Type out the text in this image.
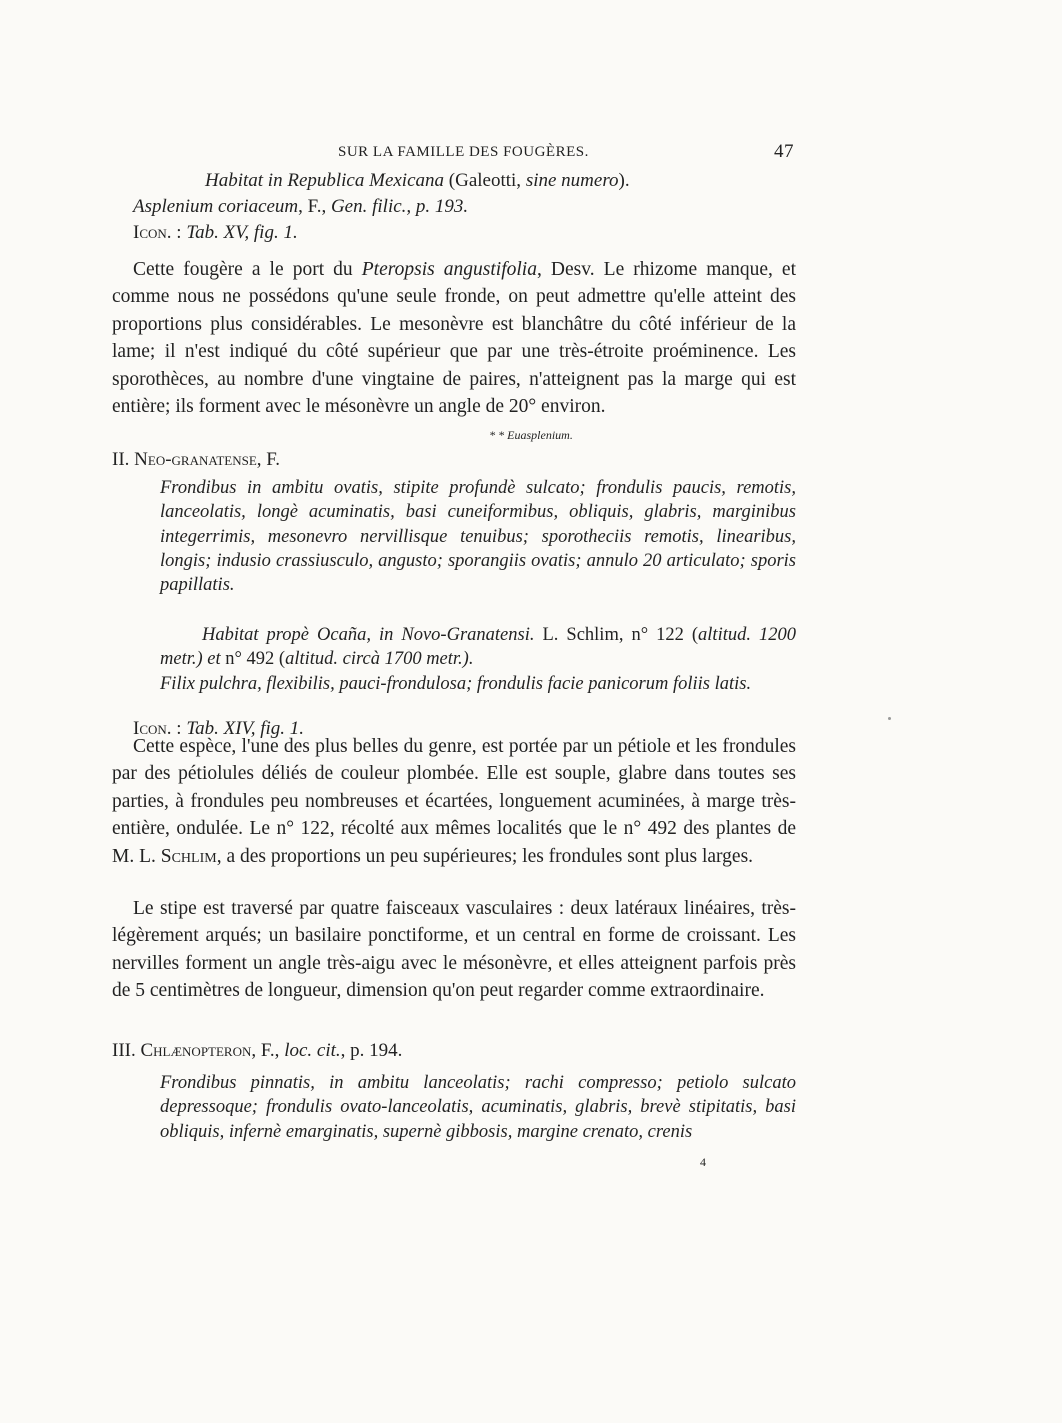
SUR LA FAMILLE DES FOUGÈRES.	47
Habitat in Republica Mexicana (Galeotti, sine numero).
Asplenium coriaceum, F., Gen. filic., p. 193.
Icon. : Tab. XV, fig. 1.
Cette fougère a le port du Pteropsis angustifolia, Desv. Le rhizome manque, et comme nous ne possédons qu'une seule fronde, on peut admettre qu'elle atteint des proportions plus considérables. Le mesonèvre est blanchâtre du côté inférieur de la lame; il n'est indiqué du côté supérieur que par une très-étroite proéminence. Les sporothèces, au nombre d'une vingtaine de paires, n'atteignent pas la marge qui est entière; ils forment avec le mésonèvre un angle de 20° environ.
* * Euasplenium.
II. Neo-granatense, F.
Frondibus in ambitu ovatis, stipite profundè sulcato; frondulis paucis, remotis, lanceolatis, longè acuminatis, basi cuneiformibus, obliquis, glabris, marginibus integerrimis, mesonevro nervillisque tenuibus; sporotheciis remotis, linearibus, longis; indusio crassiusculo, angusto; sporangiis ovatis; annulo 20 articulato; sporis papillatis.
Habitat propè Ocaña, in Novo-Granatensi. L. Schlim, n° 122 (altitud. 1200 metr.) et n° 492 (altitud. circà 1700 metr.).
Filix pulchra, flexibilis, pauci-frondulosa; frondulis facie panicorum foliis latis.
Icon. : Tab. XIV, fig. 1.
Cette espèce, l'une des plus belles du genre, est portée par un pétiole et les frondules par des pétiolules déliés de couleur plombée. Elle est souple, glabre dans toutes ses parties, à frondules peu nombreuses et écartées, longuement acuminées, à marge très-entière, ondulée. Le n° 122, récolté aux mêmes localités que le n° 492 des plantes de M. L. Schlim, a des proportions un peu supérieures; les frondules sont plus larges.
Le stipe est traversé par quatre faisceaux vasculaires : deux latéraux linéaires, très-légèrement arqués; un basilaire ponctiforme, et un central en forme de croissant. Les nervilles forment un angle très-aigu avec le mésonèvre, et elles atteignent parfois près de 5 centimètres de longueur, dimension qu'on peut regarder comme extraordinaire.
III. Chlænopteron, F., loc. cit., p. 194.
Frondibus pinnatis, in ambitu lanceolatis; rachi compresso; petiolo sulcato depressoque; frondulis ovato-lanceolatis, acuminatis, glabris, brevè stipitatis, basi obliquis, infernè emarginatis, supernè gibbosis, margine crenato, crenis
4
